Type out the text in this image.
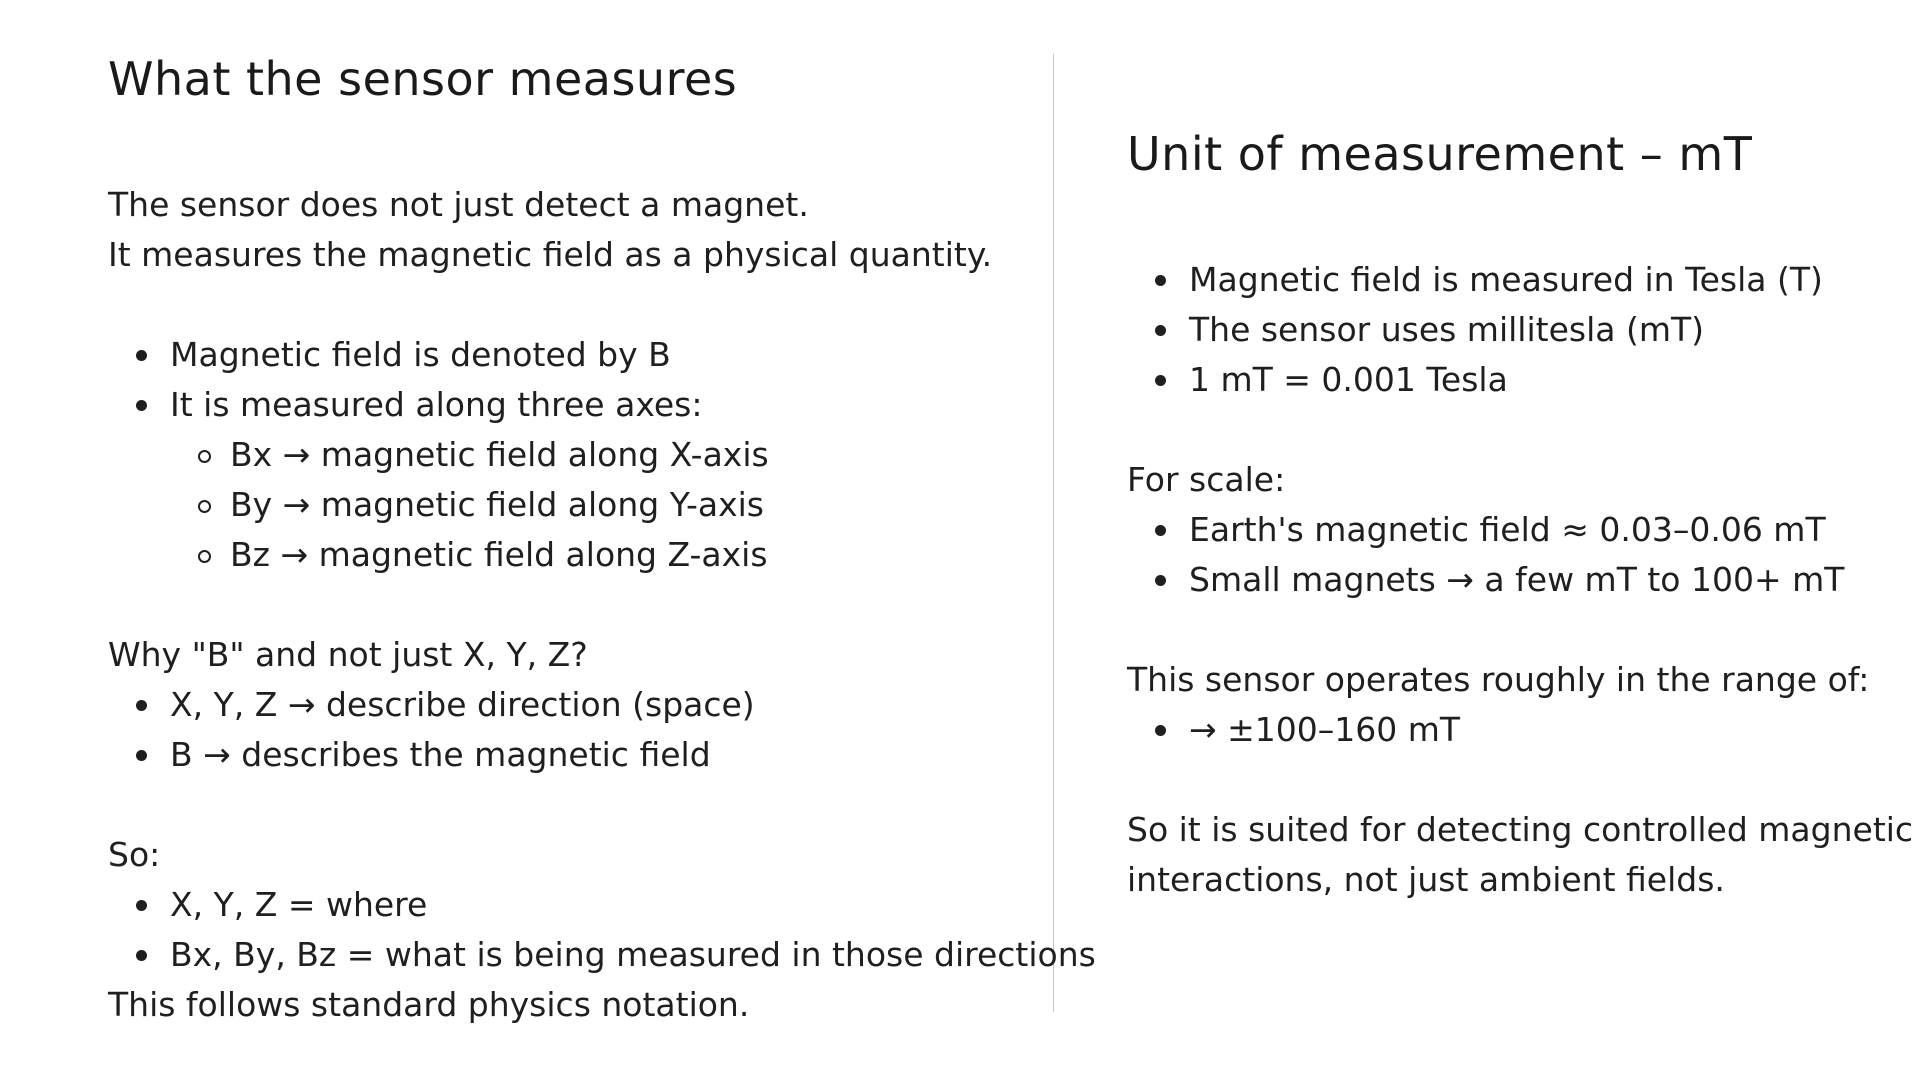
What the sensor measures
The sensor does not just detect a magnet.
It measures the magnetic field as a physical quantity.
Magnetic field is denoted by B
It is measured along three axes:
Bx → magnetic field along X-axis
By → magnetic field along Y-axis
Bz → magnetic field along Z-axis
Why "B" and not just X, Y, Z?
X, Y, Z → describe direction (space)
B → describes the magnetic field
So:
X, Y, Z = where
Bx, By, Bz = what is being measured in those directions
This follows standard physics notation.
Unit of measurement – mT
Magnetic field is measured in Tesla (T)
The sensor uses millitesla (mT)
1 mT = 0.001 Tesla
For scale:
Earth's magnetic field ≈ 0.03–0.06 mT
Small magnets → a few mT to 100+ mT
This sensor operates roughly in the range of:
→ ±100–160 mT
So it is suited for detecting controlled magnetic
interactions, not just ambient fields.
